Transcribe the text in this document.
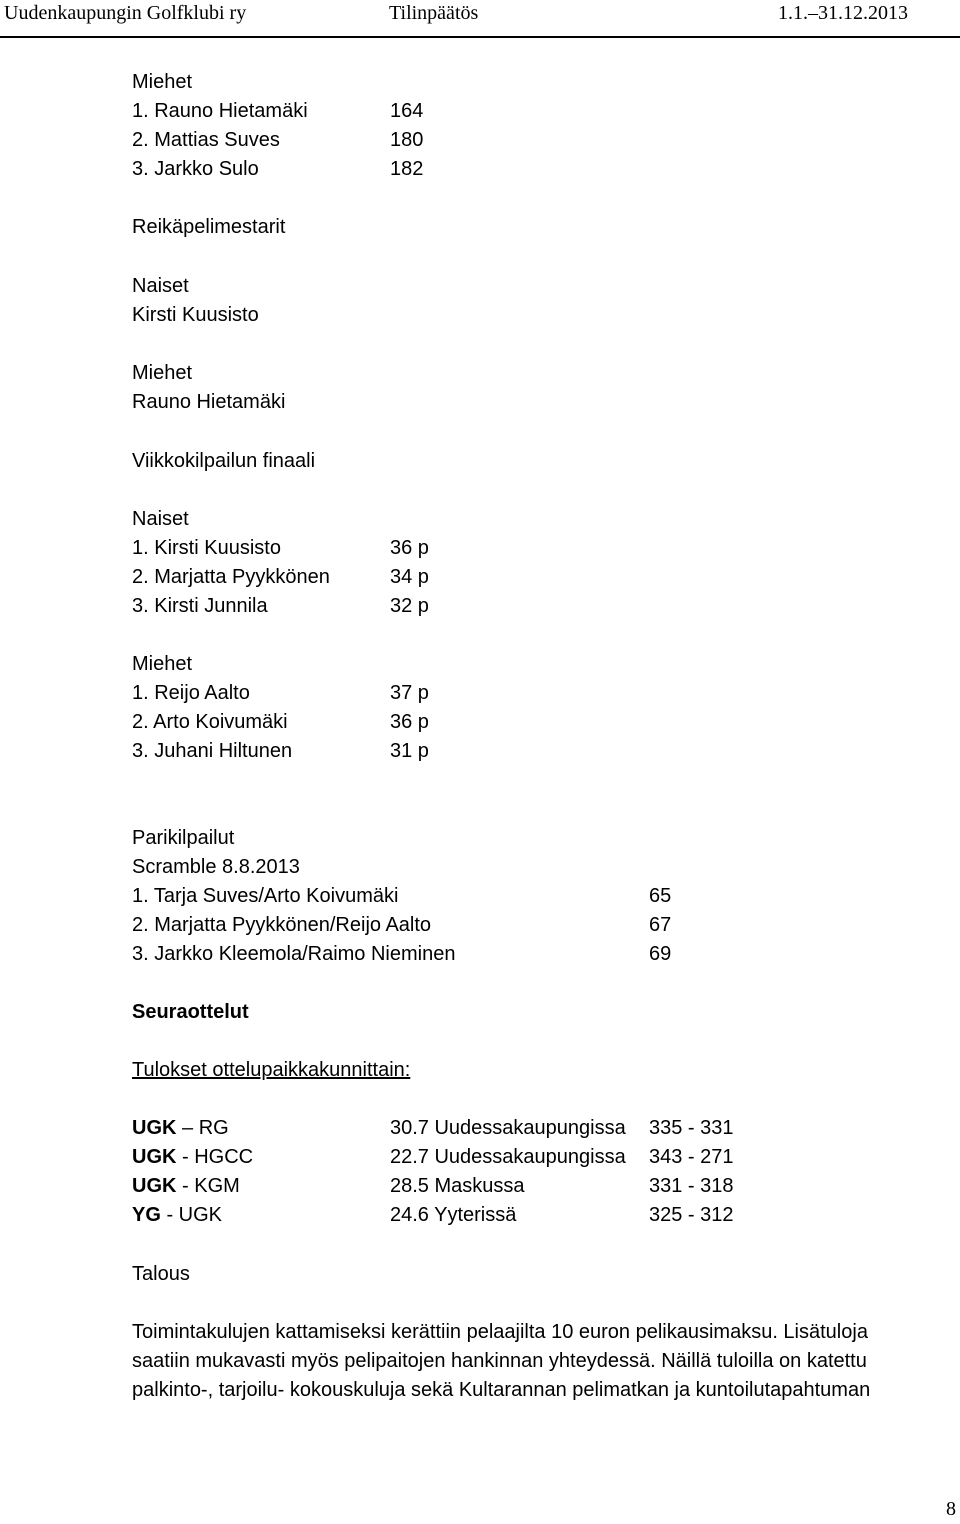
Uudenkaupungin Golfklubi ry	Tilinpäätös	1.1.–31.12.2013
Miehet
1. Rauno Hietamäki	164
2. Mattias Suves	180
3. Jarkko Sulo	182
Reikäpelimestarit
Naiset
Kirsti Kuusisto
Miehet
Rauno Hietamäki
Viikkokilpailun finaali
Naiset
1. Kirsti Kuusisto	36 p
2. Marjatta Pyykkönen	34 p
3. Kirsti Junnila	32 p
Miehet
1. Reijo Aalto	37 p
2. Arto Koivumäki	36 p
3. Juhani Hiltunen	31 p
Parikilpailut
Scramble 8.8.2013
1. Tarja Suves/Arto Koivumäki	65
2. Marjatta Pyykkönen/Reijo Aalto	67
3. Jarkko Kleemola/Raimo Nieminen	69
Seuraottelut
Tulokset ottelupaikkakunnittain:
UGK – RG	30.7 Uudessakaupungissa 335 - 331
UGK - HGCC	22.7 Uudessakaupungissa 343 - 271
UGK - KGM	28.5 Maskussa	331 - 318
YG - UGK	24.6 Yyterissä	325 - 312
Talous
Toimintakulujen kattamiseksi kerättiin pelaajilta 10 euron pelikausimaksu. Lisätuloja
saatiin mukavasti myös pelipaitojen hankinnan yhteydessä. Näillä tuloilla on katettu
palkinto-, tarjoilu- kokouskuluja sekä Kultarannan pelimatkan ja kuntoilutapahtuman
8
